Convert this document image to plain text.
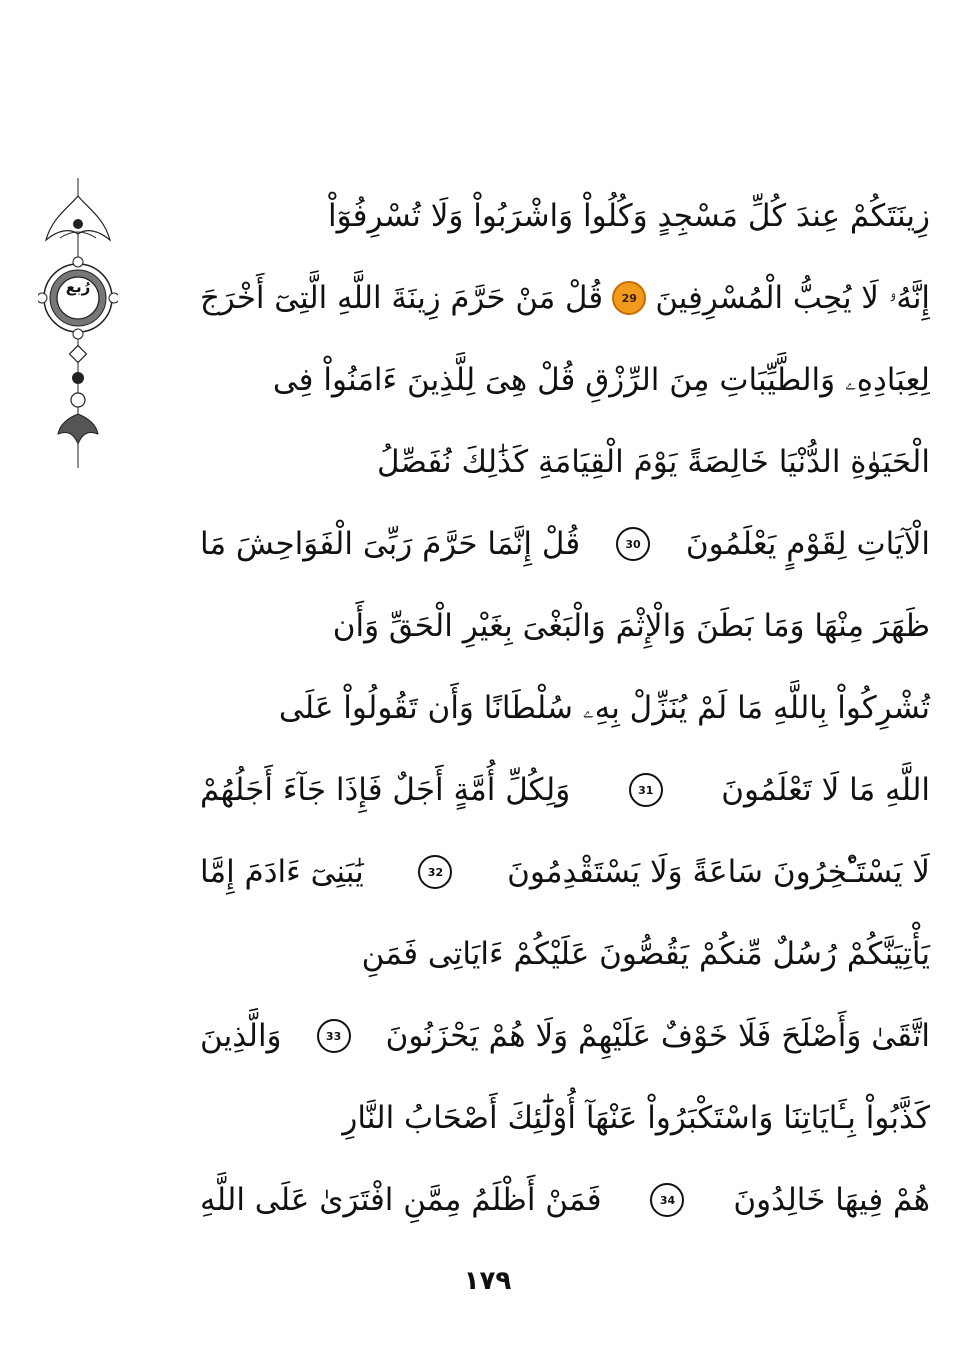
رُبع
زِينَتَكُمْ عِندَ كُلِّ مَسْجِدٍ وَكُلُواْ وَاشْرَبُواْ وَلَا تُسْرِفُوٓاْ
إِنَّهُۥ لَا يُحِبُّ الْمُسْرِفِينَ
29
قُلْ مَنْ حَرَّمَ زِينَةَ اللَّهِ الَّتِىٓ أَخْرَجَ
لِعِبَادِهِۦ وَالطَّيِّبَاتِ مِنَ الرِّزْقِ قُلْ هِىَ لِلَّذِينَ ءَامَنُواْ فِى
الْحَيَوٰةِ الدُّنْيَا خَالِصَةً يَوْمَ الْقِيَامَةِ كَذَٰلِكَ نُفَصِّلُ
الْآيَاتِ لِقَوْمٍ يَعْلَمُونَ
30
قُلْ إِنَّمَا حَرَّمَ رَبِّىَ الْفَوَاحِشَ مَا
ظَهَرَ مِنْهَا وَمَا بَطَنَ وَالْإِثْمَ وَالْبَغْىَ بِغَيْرِ الْحَقِّ وَأَن
تُشْرِكُواْ بِاللَّهِ مَا لَمْ يُنَزِّلْ بِهِۦ سُلْطَانًا وَأَن تَقُولُواْ عَلَى
اللَّهِ مَا لَا تَعْلَمُونَ
31
وَلِكُلِّ أُمَّةٍ أَجَلٌ فَإِذَا جَآءَ أَجَلُهُمْ
لَا يَسْتَـْٔخِرُونَ سَاعَةً وَلَا يَسْتَقْدِمُونَ
32
يَٰبَنِىٓ ءَادَمَ إِمَّا
يَأْتِيَنَّكُمْ رُسُلٌ مِّنكُمْ يَقُصُّونَ عَلَيْكُمْ ءَايَاتِى فَمَنِ
اتَّقَىٰ وَأَصْلَحَ فَلَا خَوْفٌ عَلَيْهِمْ وَلَا هُمْ يَحْزَنُونَ
33
وَالَّذِينَ
كَذَّبُواْ بِـَٔايَاتِنَا وَاسْتَكْبَرُواْ عَنْهَآ أُوْلَٰٓئِكَ أَصْحَابُ النَّارِ
هُمْ فِيهَا خَالِدُونَ
34
فَمَنْ أَظْلَمُ مِمَّنِ افْتَرَىٰ عَلَى اللَّهِ
١٧٩
